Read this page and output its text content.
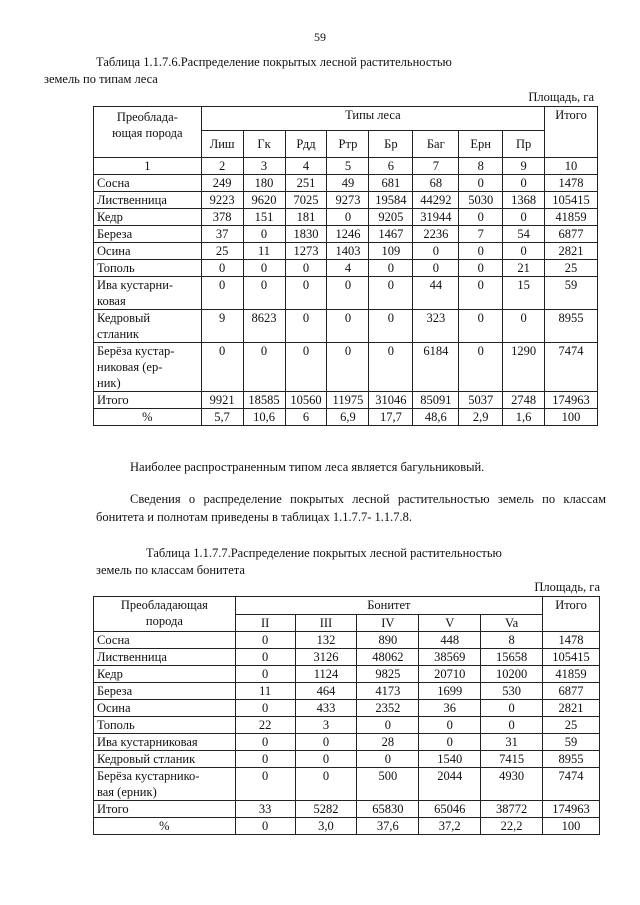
59
Таблица 1.1.7.6.Распределение покрытых лесной растительностью
земель по типам леса
Площадь, га
Преоблада-
ющая порода	Типы леса								Итого
	Лиш	Гк	Рдд	Ртр	Бр	Баг	Ерн	Пр	
1	2	3	4	5	6	7	8	9	10
Сосна	249	180	251	49	681	68	0	0	1478
Лиственница	9223	9620	7025	9273	19584	44292	5030	1368	105415
Кедр	378	151	181	0	9205	31944	0	0	41859
Береза	37	0	1830	1246	1467	2236	7	54	6877
Осина	25	11	1273	1403	109	0	0	0	2821
Тополь	0	0	0	4	0	0	0	21	25
Ива кустарни-
ковая	0	0	0	0	0	44	0	15	59
Кедровый
стланик	9	8623	0	0	0	323	0	0	8955
Берёза кустар-
никовая (ер-
ник)	0	0	0	0	0	6184	0	1290	7474
Итого	9921	18585	10560	11975	31046	85091	5037	2748	174963
%	5,7	10,6	6	6,9	17,7	48,6	2,9	1,6	100
Наиболее распространенным типом леса является багульниковый.
Сведения о распределение покрытых лесной растительностью земель по классам бонитета и полнотам приведены в таблицах 1.1.7.7- 1.1.7.8.
Таблица 1.1.7.7.Распределение покрытых лесной растительностью
земель по классам бонитета
Площадь, га
Преобладающая
порода	Бонитет					Итого
	II	III	IV	V	Va	
Сосна	0	132	890	448	8	1478
Лиственница	0	3126	48062	38569	15658	105415
Кедр	0	1124	9825	20710	10200	41859
Береза	11	464	4173	1699	530	6877
Осина	0	433	2352	36	0	2821
Тополь	22	3	0	0	0	25
Ива кустарниковая	0	0	28	0	31	59
Кедровый стланик	0	0	0	1540	7415	8955
Берёза кустарнико-
вая (ерник)	0	0	500	2044	4930	7474
Итого	33	5282	65830	65046	38772	174963
%	0	3,0	37,6	37,2	22,2	100
